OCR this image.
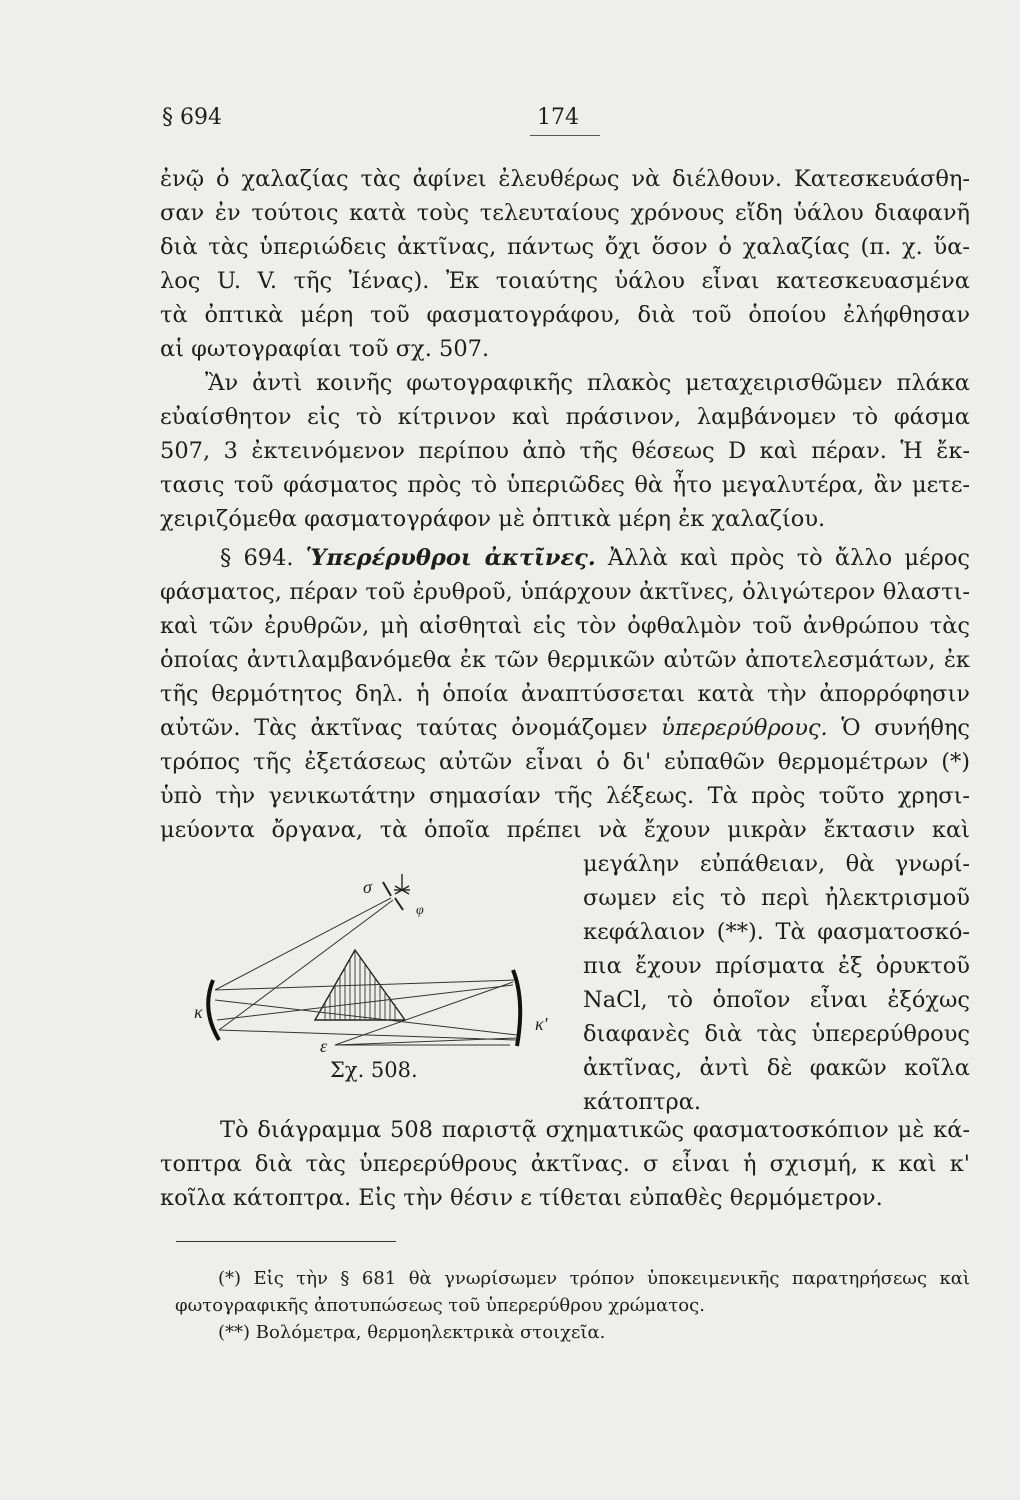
§ 694	174
ἐνῷ ὁ χαλαζίας τὰς ἀφίνει ἐλευθέρως νὰ διέλθουν. Κατεσκευάσθη-
σαν ἐν τούτοις κατὰ τοὺς τελευταίους χρόνους εἴδη ὑάλου διαφανῆ
διὰ τὰς ὑπεριώδεις ἀκτῖνας, πάντως ὄχι ὅσον ὁ χαλαζίας (π. χ. ὕα-
λος U. V. τῆς Ἰένας). Ἐκ τοιαύτης ὑάλου εἶναι κατεσκευασμένα
τὰ ὀπτικὰ μέρη τοῦ φασματογράφου, διὰ τοῦ ὁποίου ἐλήφθησαν
αἱ φωτογραφίαι τοῦ σχ. 507.
Ἂν ἀντὶ κοινῆς φωτογραφικῆς πλακὸς μεταχειρισθῶμεν πλάκα
εὐαίσθητον εἰς τὸ κίτρινον καὶ πράσινον, λαμβάνομεν τὸ φάσμα
507, 3 ἐκτεινόμενον περίπου ἀπὸ τῆς θέσεως D καὶ πέραν. Ἡ ἔκ-
τασις τοῦ φάσματος πρὸς τὸ ὑπεριῶδες θὰ ἦτο μεγαλυτέρα, ἂν μετε-
χειριζόμεθα φασματογράφον μὲ ὀπτικὰ μέρη ἐκ χαλαζίου.
§ 694. Ὑπερέρυθροι ἀκτῖνες. Ἀλλὰ καὶ πρὸς τὸ ἄλλο μέρος
φάσματος, πέραν τοῦ ἐρυθροῦ, ὑπάρχουν ἀκτῖνες, ὀλιγώτερον θλαστι-
καὶ τῶν ἐρυθρῶν, μὴ αἰσθηταὶ εἰς τὸν ὀφθαλμὸν τοῦ ἀνθρώπου τὰς
ὁποίας ἀντιλαμβανόμεθα ἐκ τῶν θερμικῶν αὐτῶν ἀποτελεσμάτων, ἐκ
τῆς θερμότητος δηλ. ἡ ὁποία ἀναπτύσσεται κατὰ τὴν ἀπορρόφησιν
αὐτῶν. Τὰς ἀκτῖνας ταύτας ὀνομάζομεν ὑπερερύθρους. Ὁ συνήθης
τρόπος τῆς ἐξετάσεως αὐτῶν εἶναι ὁ δι' εὐπαθῶν θερμομέτρων (*)
ὑπὸ τὴν γενικωτάτην σημασίαν τῆς λέξεως. Τὰ πρὸς τοῦτο χρησι-
μεύοντα ὄργανα, τὰ ὁποῖα πρέπει νὰ ἔχουν μικρὰν ἔκτασιν καὶ
μεγάλην εὐπάθειαν, θὰ γνωρί-
σωμεν εἰς τὸ περὶ ἠλεκτρισμοῦ
κεφάλαιον (**). Τὰ φασματοσκό-
πια ἔχουν πρίσματα ἐξ ὀρυκτοῦ
NaCl, τὸ ὁποῖον εἶναι ἐξόχως
διαφανὲς διὰ τὰς ὑπερερύθρους
ἀκτῖνας, ἀντὶ δὲ φακῶν κοῖλα
κάτοπτρα.
σ
φ
κ
κ'
ε
Σχ. 508.
Τὸ διάγραμμα 508 παριστᾷ σχηματικῶς φασματοσκόπιον μὲ κά-
τοπτρα διὰ τὰς ὑπερερύθρους ἀκτῖνας. σ εἶναι ἡ σχισμή, κ καὶ κ'
κοῖλα κάτοπτρα. Εἰς τὴν θέσιν ε τίθεται εὐπαθὲς θερμόμετρον.
(*) Εἰς τὴν § 681 θὰ γνωρίσωμεν τρόπον ὑποκειμενικῆς παρατηρήσεως καὶ
φωτογραφικῆς ἀποτυπώσεως τοῦ ὑπερερύθρου χρώματος.
(**) Βολόμετρα, θερμοηλεκτρικὰ στοιχεῖα.
